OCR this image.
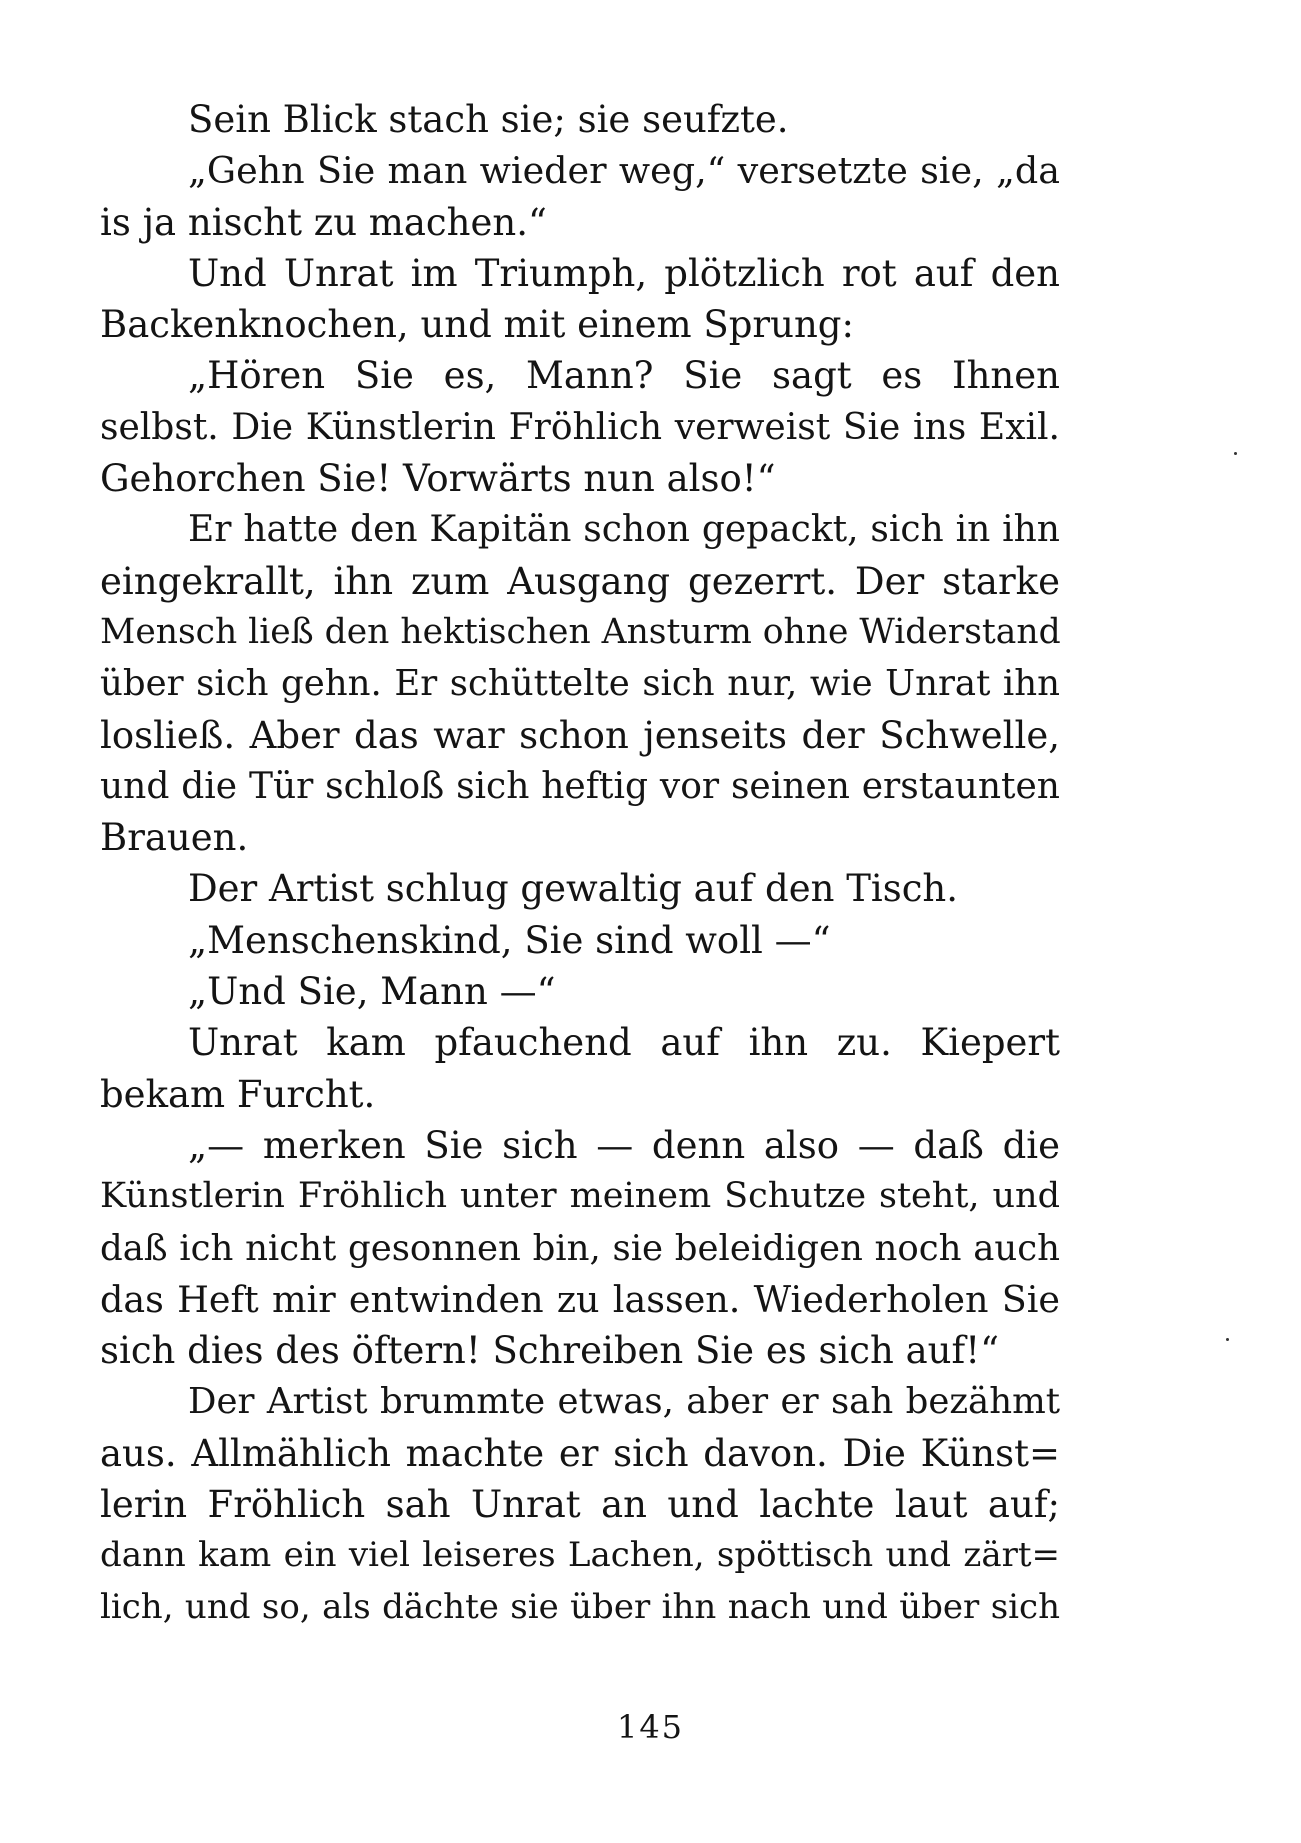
Sein Blick stach sie; sie seufzte.
„Gehn Sie man wieder weg,“ versetzte sie, „da
is ja nischt zu machen.“
Und Unrat im Triumph, plötzlich rot auf den
Backenknochen, und mit einem Sprung:
„Hören Sie es, Mann? Sie sagt es Ihnen
selbst. Die Künstlerin Fröhlich verweist Sie ins Exil.
Gehorchen Sie! Vorwärts nun also!“
Er hatte den Kapitän schon gepackt, sich in ihn
eingekrallt, ihn zum Ausgang gezerrt. Der starke
Mensch ließ den hektischen Ansturm ohne Widerstand
über sich gehn. Er schüttelte sich nur, wie Unrat ihn
losließ. Aber das war schon jenseits der Schwelle,
und die Tür schloß sich heftig vor seinen erstaunten
Brauen.
Der Artist schlug gewaltig auf den Tisch.
„Menschenskind, Sie sind woll —“
„Und Sie, Mann —“
Unrat kam pfauchend auf ihn zu. Kiepert
bekam Furcht.
„— merken Sie sich — denn also — daß die
Künstlerin Fröhlich unter meinem Schutze steht, und
daß ich nicht gesonnen bin, sie beleidigen noch auch
das Heft mir entwinden zu lassen. Wiederholen Sie
sich dies des öftern! Schreiben Sie es sich auf!“
Der Artist brummte etwas, aber er sah bezähmt
aus. Allmählich machte er sich davon. Die Künst=
lerin Fröhlich sah Unrat an und lachte laut auf;
dann kam ein viel leiseres Lachen, spöttisch und zärt=
lich, und so, als dächte sie über ihn nach und über sich
145
